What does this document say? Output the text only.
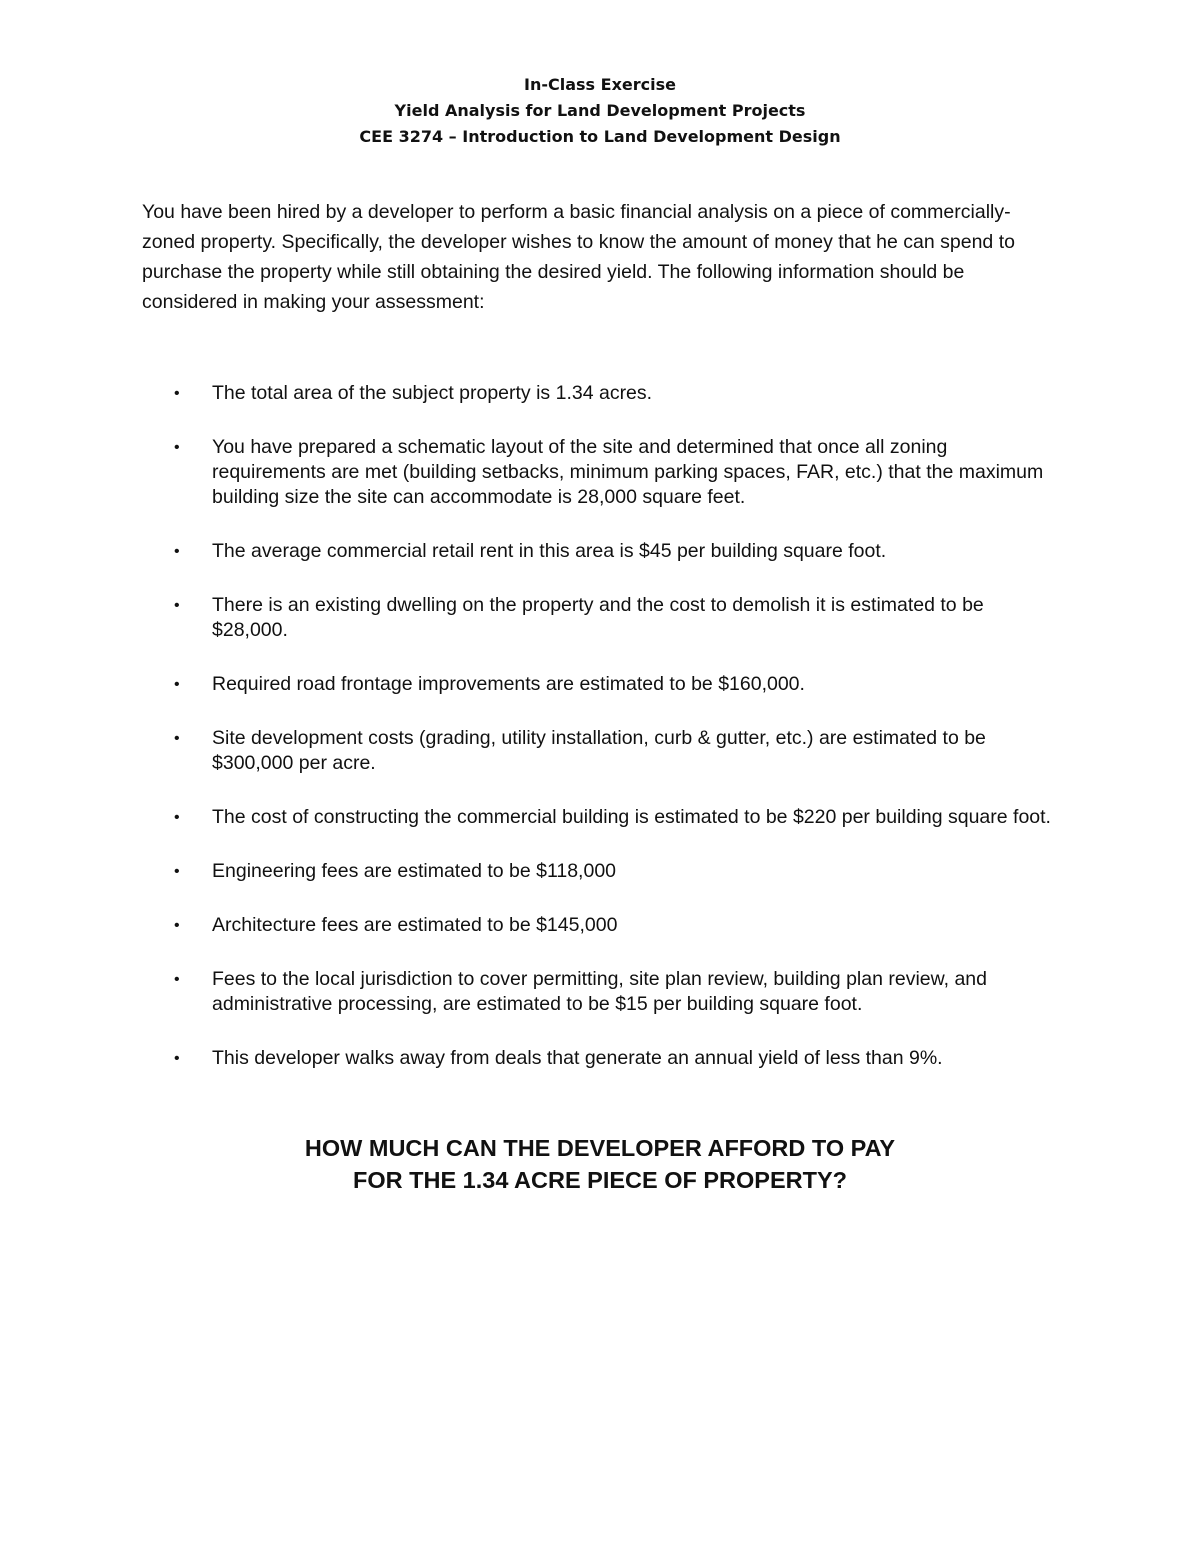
In-Class Exercise
Yield Analysis for Land Development Projects
CEE 3274 – Introduction to Land Development Design

You have been hired by a developer to perform a basic financial analysis on a piece of commercially-zoned property. Specifically, the developer wishes to know the amount of money that he can spend to purchase the property while still obtaining the desired yield. The following information should be considered in making your assessment:

• The total area of the subject property is 1.34 acres.
• You have prepared a schematic layout of the site and determined that once all zoning requirements are met (building setbacks, minimum parking spaces, FAR, etc.) that the maximum building size the site can accommodate is 28,000 square feet.
• The average commercial retail rent in this area is $45 per building square foot.
• There is an existing dwelling on the property and the cost to demolish it is estimated to be $28,000.
• Required road frontage improvements are estimated to be $160,000.
• Site development costs (grading, utility installation, curb & gutter, etc.) are estimated to be $300,000 per acre.
• The cost of constructing the commercial building is estimated to be $220 per building square foot.
• Engineering fees are estimated to be $118,000
• Architecture fees are estimated to be $145,000
• Fees to the local jurisdiction to cover permitting, site plan review, building plan review, and administrative processing, are estimated to be $15 per building square foot.
• This developer walks away from deals that generate an annual yield of less than 9%.
HOW MUCH CAN THE DEVELOPER AFFORD TO PAY
FOR THE 1.34 ACRE PIECE OF PROPERTY?
